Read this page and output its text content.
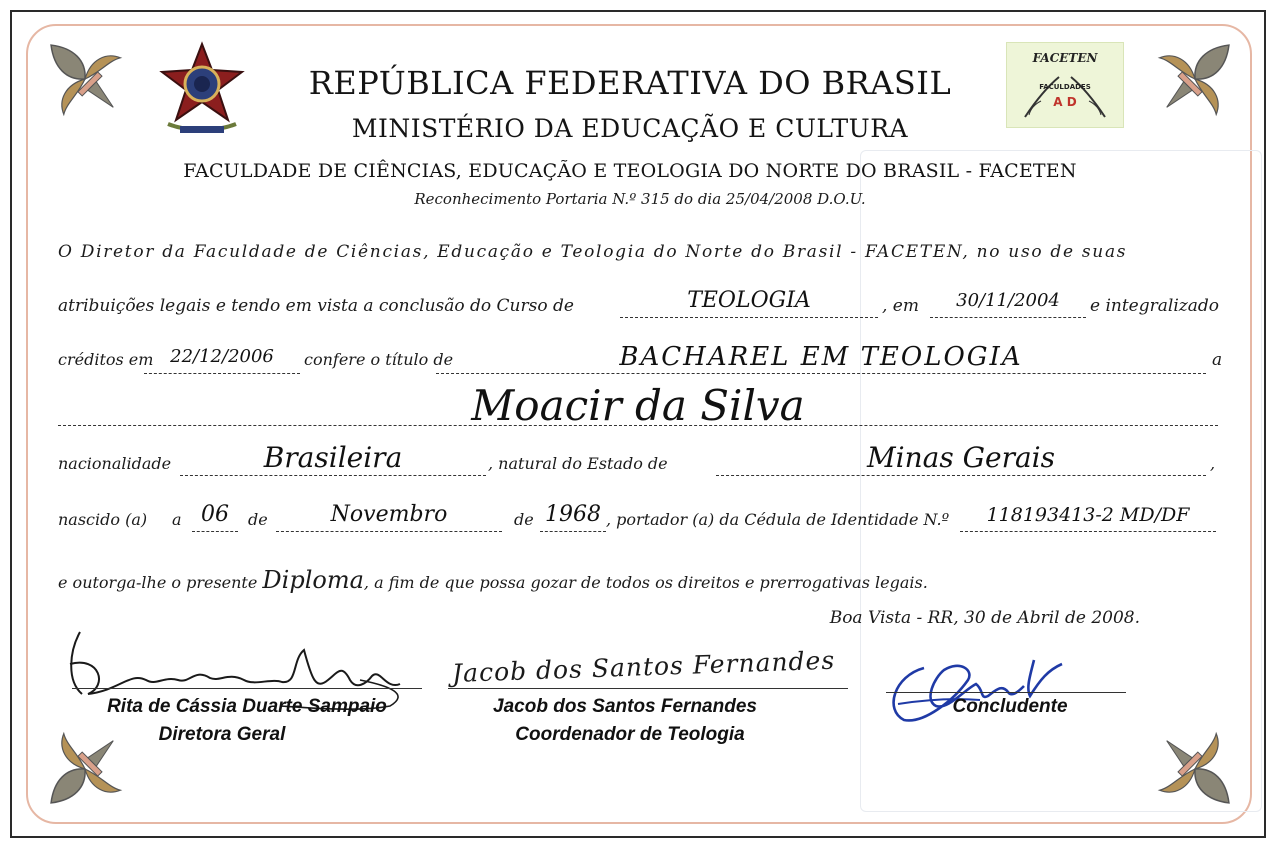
FACETEN
FACULDADES
A D
REPÚBLICA FEDERATIVA DO BRASIL
MINISTÉRIO DA EDUCAÇÃO E CULTURA
FACULDADE DE CIÊNCIAS, EDUCAÇÃO E TEOLOGIA DO NORTE DO BRASIL - FACETEN
Reconhecimento Portaria N.º 315 do dia 25/04/2008 D.O.U.
O Diretor da Faculdade de Ciências, Educação e Teologia do Norte do Brasil - FACETEN, no uso de suas
atribuições legais e tendo em vista a conclusão do Curso de	TEOLOGIA	, em	30/11/2004	e integralizado
créditos em 22/12/2006	confere o título de	BACHAREL EM TEOLOGIA	a
Moacir da Silva
nacionalidade	Brasileira	, natural do Estado de	Minas Gerais	,
nascido (a) a 06	de	Novembro	de 1968 , portador (a) da Cédula de Identidade N.º	118193413-2 MD/DF
e outorga-lhe o presente Diploma, a fim de que possa gozar de todos os direitos e prerrogativas legais.
Boa Vista - RR, 30 de Abril de 2008.
Rita de Cássia Duarte Sampaio
Diretora Geral
Jacob dos Santos Fernandes
Jacob dos Santos Fernandes
Coordenador de Teologia
Concludente
